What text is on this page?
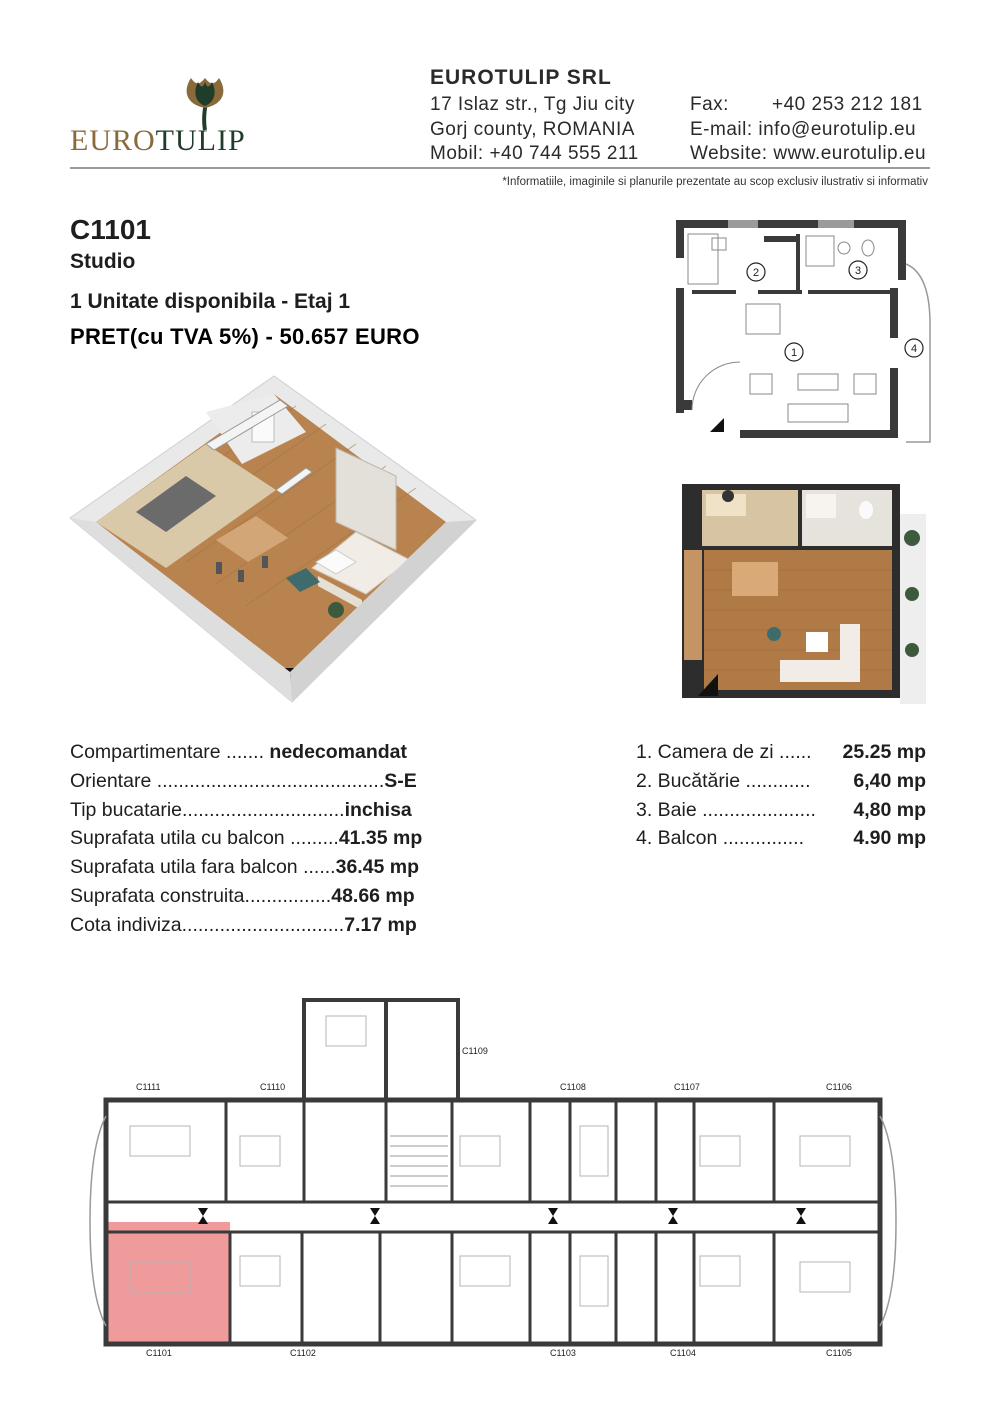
EUROTULIP
EUROTULIP SRL
17 Islaz str., Tg Jiu city
Gorj county, ROMANIA
Mobil: +40 744 555 211
Fax: +40 253 212 181
E-mail: info@eurotulip.eu
Website: www.eurotulip.eu
*Informatiile, imaginile si planurile prezentate au scop exclusiv ilustrativ si informativ
C1101
Studio
1 Unitate disponibila - Etaj 1
PRET(cu TVA 5%) - 50.657 EURO
2	3
1	4
Compartimentare ....... nedecomandat
Orientare ..........................................S-E
Tip bucatarie..............................inchisa
Suprafata utila cu balcon .........41.35 mp
Suprafata utila fara balcon ......36.45 mp
Suprafata construita................48.66 mp
Cota indiviza..............................7.17 mp
1. Camera de zi ...... 25.25 mp
2. Bucătărie ............ 6,40 mp
3. Baie ..................... 4,80 mp
4. Balcon ...............	4.90 mp
C1111	C1110
C1109
C1108	C1107	C1106
C1101	C1102	C1103	C1104	C1105
